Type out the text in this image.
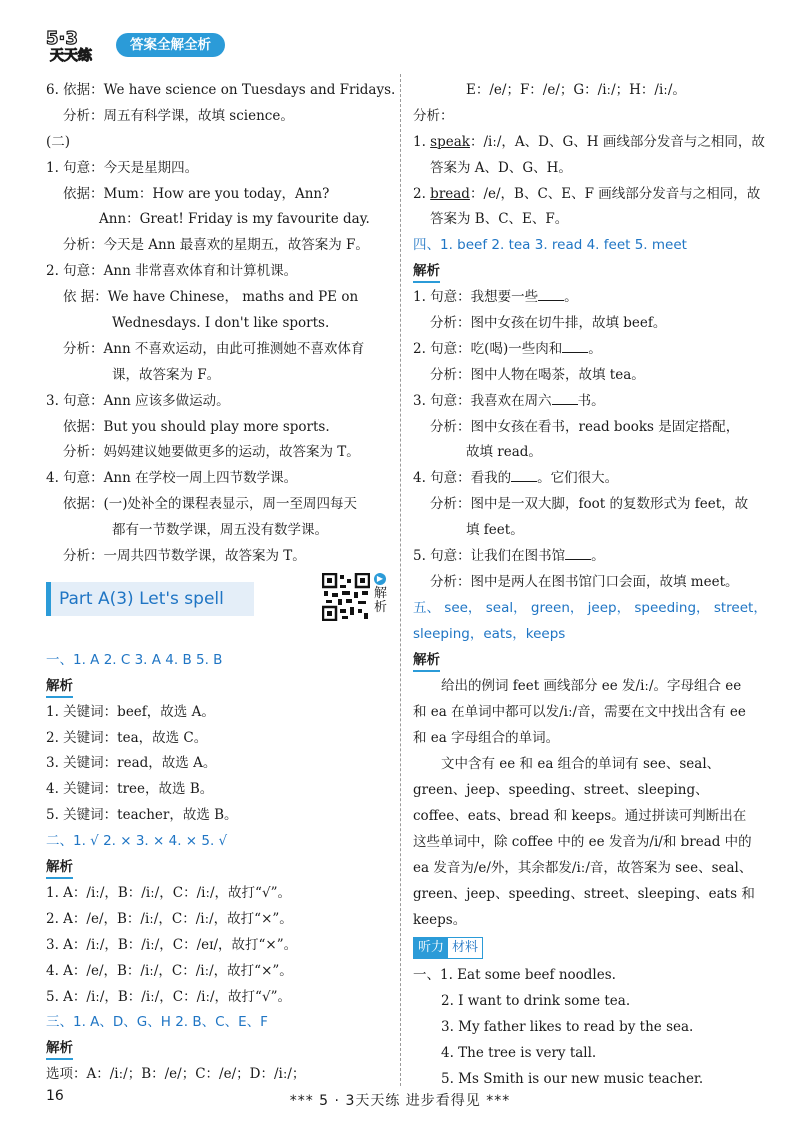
5·3
天天练
答案全解全析
6. 依据：We have science on Tuesdays and Fridays.
分析：周五有科学课，故填 science。
(二)
1. 句意：今天是星期四。
依据：Mum：How are you today，Ann?
Ann：Great! Friday is my favourite day.
分析：今天是 Ann 最喜欢的星期五，故答案为 F。
2. 句意：Ann 非常喜欢体育和计算机课。
依 据：We have Chinese， maths and PE on
Wednesdays. I don't like sports.
分析：Ann 不喜欢运动，由此可推测她不喜欢体育
课，故答案为 F。
3. 句意：Ann 应该多做运动。
依据：But you should play more sports.
分析：妈妈建议她要做更多的运动，故答案为 T。
4. 句意：Ann 在学校一周上四节数学课。
依据：(一)处补全的课程表显示，周一至周四每天
都有一节数学课，周五没有数学课。
分析：一周共四节数学课，故答案为 T。
Part A(3) Let's spell
▶
解析
一、1. A 2. C 3. A 4. B 5. B
解析
1. 关键词：beef，故选 A。
2. 关键词：tea，故选 C。
3. 关键词：read，故选 A。
4. 关键词：tree，故选 B。
5. 关键词：teacher，故选 B。
二、1. √ 2. × 3. × 4. × 5. √
解析
1. A：/iː/，B：/iː/，C：/iː/，故打“√”。
2. A：/e/，B：/iː/，C：/iː/，故打“×”。
3. A：/iː/，B：/iː/，C：/eɪ/，故打“×”。
4. A：/e/，B：/iː/，C：/iː/，故打“×”。
5. A：/iː/，B：/iː/，C：/iː/，故打“√”。
三、1. A、D、G、H 2. B、C、E、F
解析
选项：A：/iː/；B：/e/；C：/e/；D：/iː/；
E：/e/；F：/e/；G：/iː/；H：/iː/。
分析：
1. speak：/iː/，A、D、G、H 画线部分发音与之相同，故
答案为 A、D、G、H。
2. bread：/e/，B、C、E、F 画线部分发音与之相同，故
答案为 B、C、E、F。
四、1. beef 2. tea 3. read 4. feet 5. meet
解析
1. 句意：我想要一些 。
分析：图中女孩在切牛排，故填 beef。
2. 句意：吃(喝)一些肉和 。
分析：图中人物在喝茶，故填 tea。
3. 句意：我喜欢在周六 书。
分析：图中女孩在看书，read books 是固定搭配，
故填 read。
4. 句意：看我的 。它们很大。
分析：图中是一双大脚，foot 的复数形式为 feet，故
填 feet。
5. 句意：让我们在图书馆 。
分析：图中是两人在图书馆门口会面，故填 meet。
五、 see， seal， green， jeep， speeding， street，
sleeping，eats，keeps
解析
给出的例词 feet 画线部分 ee 发/iː/。字母组合 ee 和 ea 在单词中都可以发/iː/音，需要在文中找出含有 ee 和 ea 字母组合的单词。
文中含有 ee 和 ea 组合的单词有 see、seal、green、jeep、speeding、street、sleeping、coffee、eats、bread 和 keeps。通过拼读可判断出在这些单词中，除 coffee 中的 ee 发音为/i/和 bread 中的 ea 发音为/e/外，其余都发/iː/音，故答案为 see、seal、green、jeep、speeding、street、sleeping、eats 和 keeps。
听力 材料
一、1. Eat some beef noodles.
2. I want to drink some tea.
3. My father likes to read by the sea.
4. The tree is very tall.
5. Ms Smith is our new music teacher.
16	*** 5 · 3天天练 进步看得见 ***
